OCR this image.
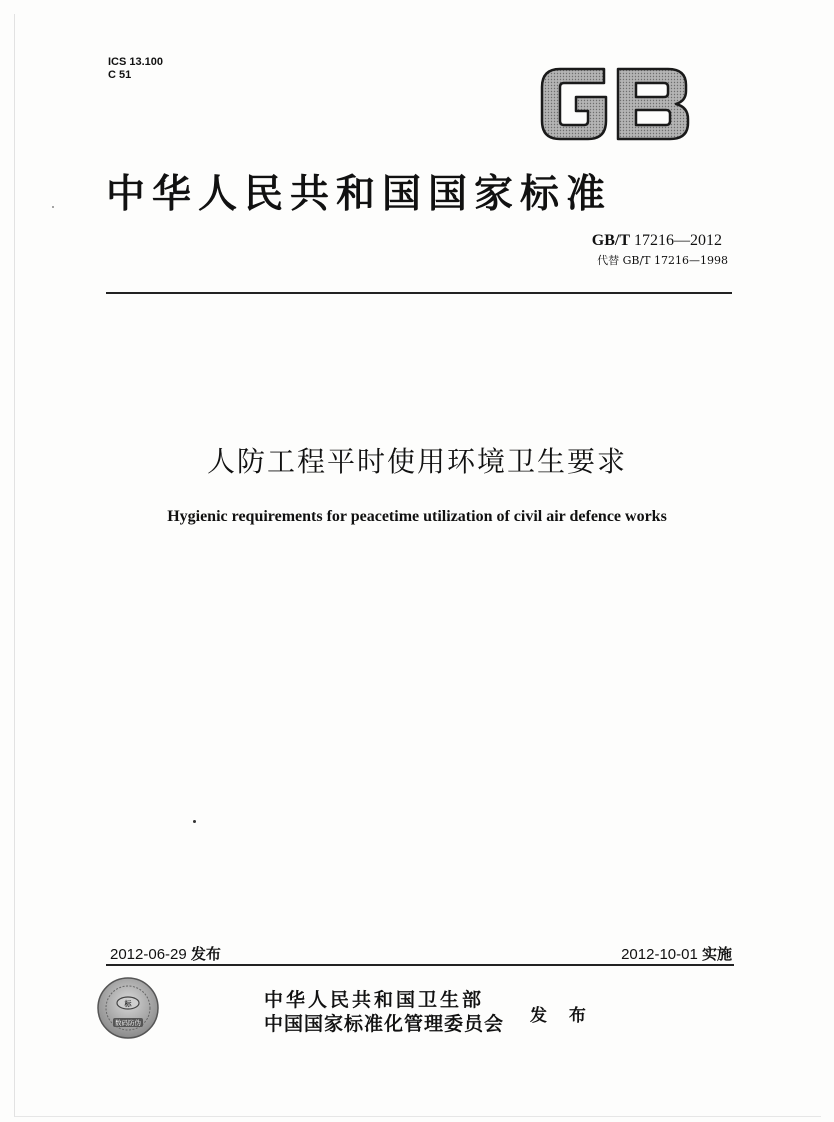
ICS 13.100
C 51
中华人民共和国国家标准
GB/T 17216—2012
代替 GB/T 17216—1998
人防工程平时使用环境卫生要求
Hygienic requirements for peacetime utilization of civil air defence works
2012-06-29 发布	2012-10-01 实施
标
数码防伪
中华人民共和国卫生部
中国国家标准化管理委员会 发 布
